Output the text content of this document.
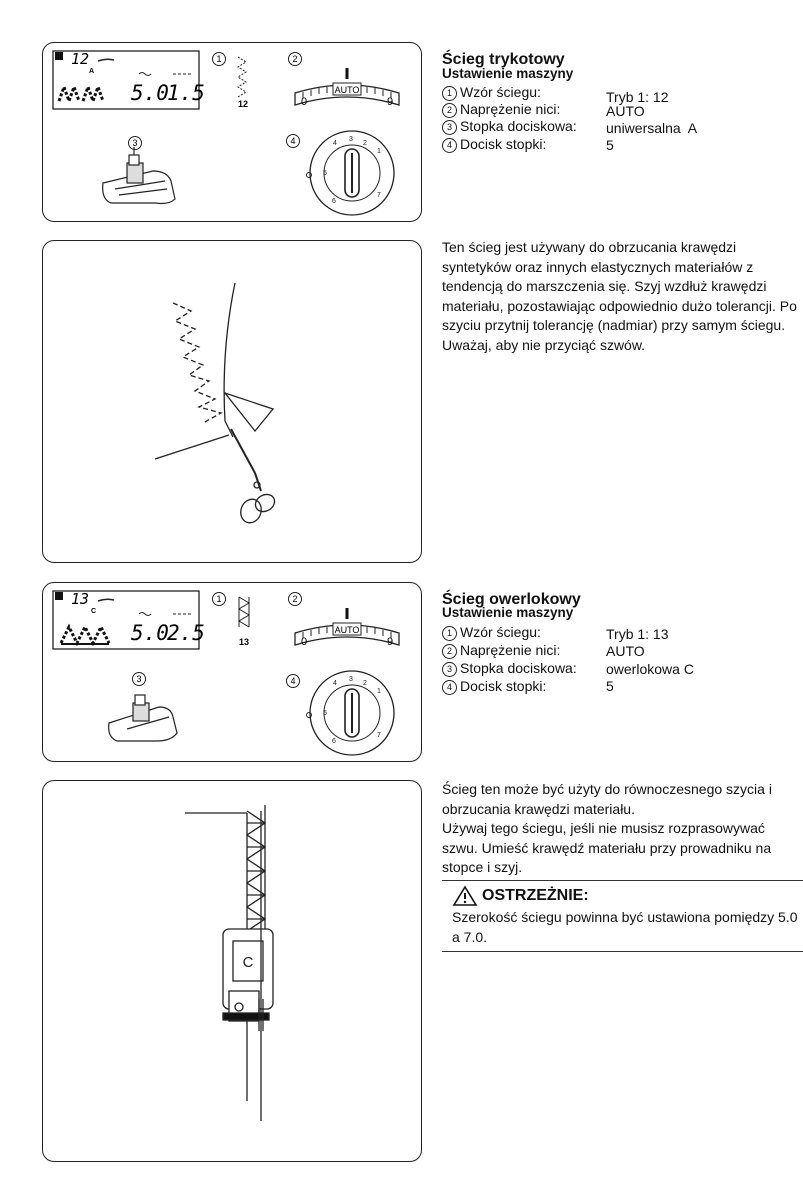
12
A
5.0
1.5
1
12
2
AUTO
0	9
3	4
1
2
3
4
5
6
7
Ścieg trykotowy
Ustawienie maszyny
1 Wzór ściegu:	Tryb 1: 12
2 Naprężenie nici:	AUTO
3 Stopka dociskowa: uniwersalna  A
4 Docisk stopki:	5
Ten ścieg jest używany do obrzucania krawędzi syntetyków oraz innych elastycznych materiałów z tendencją do marszczenia się. Szyj wzdłuż krawędzi materiału, pozostawiając odpowiednio dużo tolerancji. Po szyciu przytnij tolerancję (nadmiar) przy samym ściegu. Uważaj, aby nie przyciąć szwów.
13
C
5.0
2.5
1
13
2
AUTO
0	9
3	4
1
2
3
4
5
6
7
Ścieg owerlokowy
Ustawienie maszyny
1 Wzór ściegu:	Tryb 1: 13
2 Naprężenie nici:	AUTO
3 Stopka dociskowa: owerlokowa C
4 Docisk stopki:	5
C
Ścieg ten może być użyty do równoczesnego szycia i obrzucania krawędzi materiału.
Używaj tego ściegu, jeśli nie musisz rozprasowywać szwu. Umieść krawędź materiału przy prowadniku na stopce i szyj.
OSTRZEŻNIE:
Szerokość ściegu powinna być ustawiona pomiędzy 5.0 a 7.0.
